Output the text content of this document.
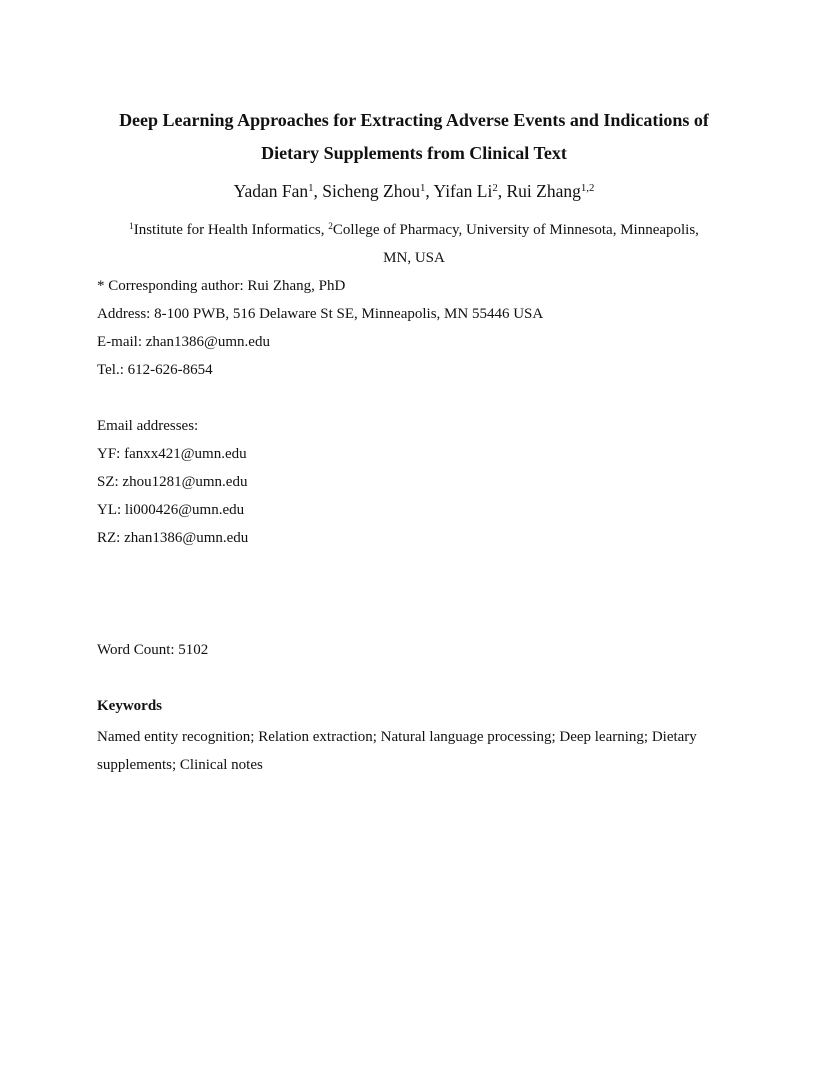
Deep Learning Approaches for Extracting Adverse Events and Indications of
Dietary Supplements from Clinical Text
Yadan Fan$^1$, Sicheng Zhou$^1$, Yifan Li$^2$, Rui Zhang$^{1,2}$
$^1$Institute for Health Informatics, $^2$College of Pharmacy, University of Minnesota, Minneapolis,
MN, USA
* Corresponding author: Rui Zhang, PhD
Address: 8-100 PWB, 516 Delaware St SE, Minneapolis, MN 55446 USA
E-mail: zhan1386@umn.edu
Tel.: 612-626-8654
Email addresses:
YF: fanxx421@umn.edu
SZ: zhou1281@umn.edu
YL: li000426@umn.edu
RZ: zhan1386@umn.edu
Word Count: 5102
Keywords
Named entity recognition; Relation extraction; Natural language processing; Deep learning; Dietary supplements; Clinical notes
